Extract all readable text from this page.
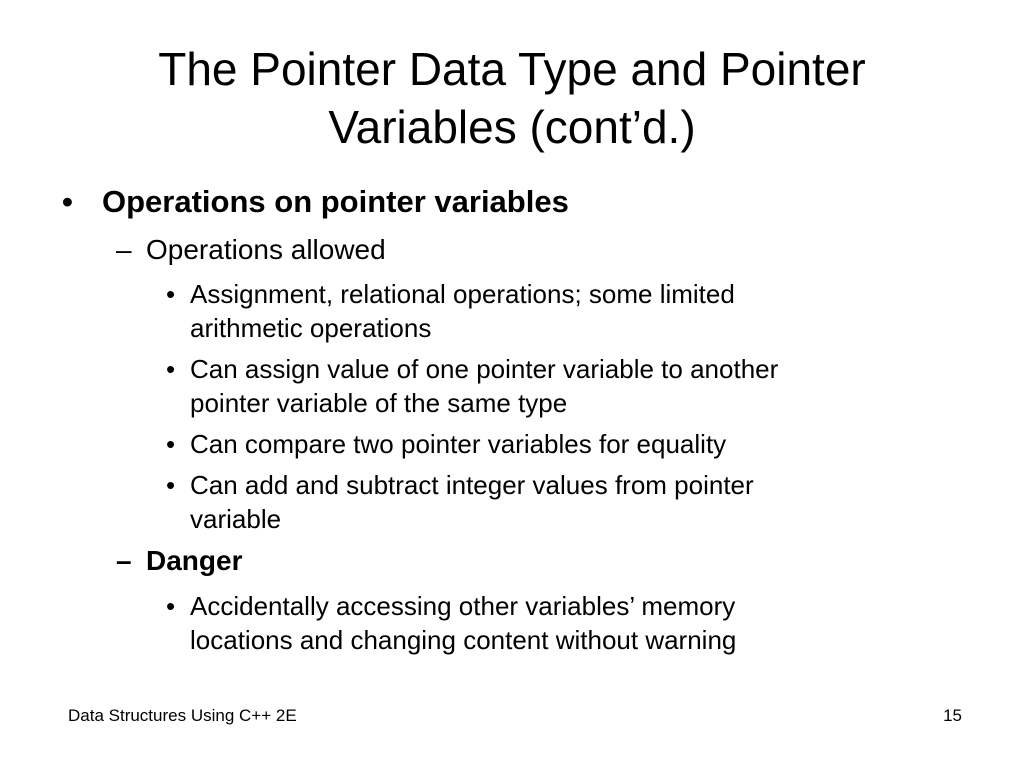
The Pointer Data Type and Pointer
Variables (cont’d.)
• Operations on pointer variables
– Operations allowed
• Assignment, relational operations; some limited
arithmetic operations
• Can assign value of one pointer variable to another
pointer variable of the same type
• Can compare two pointer variables for equality
• Can add and subtract integer values from pointer
variable
– Danger
• Accidentally accessing other variables’ memory
locations and changing content without warning
Data Structures Using C++ 2E	15
